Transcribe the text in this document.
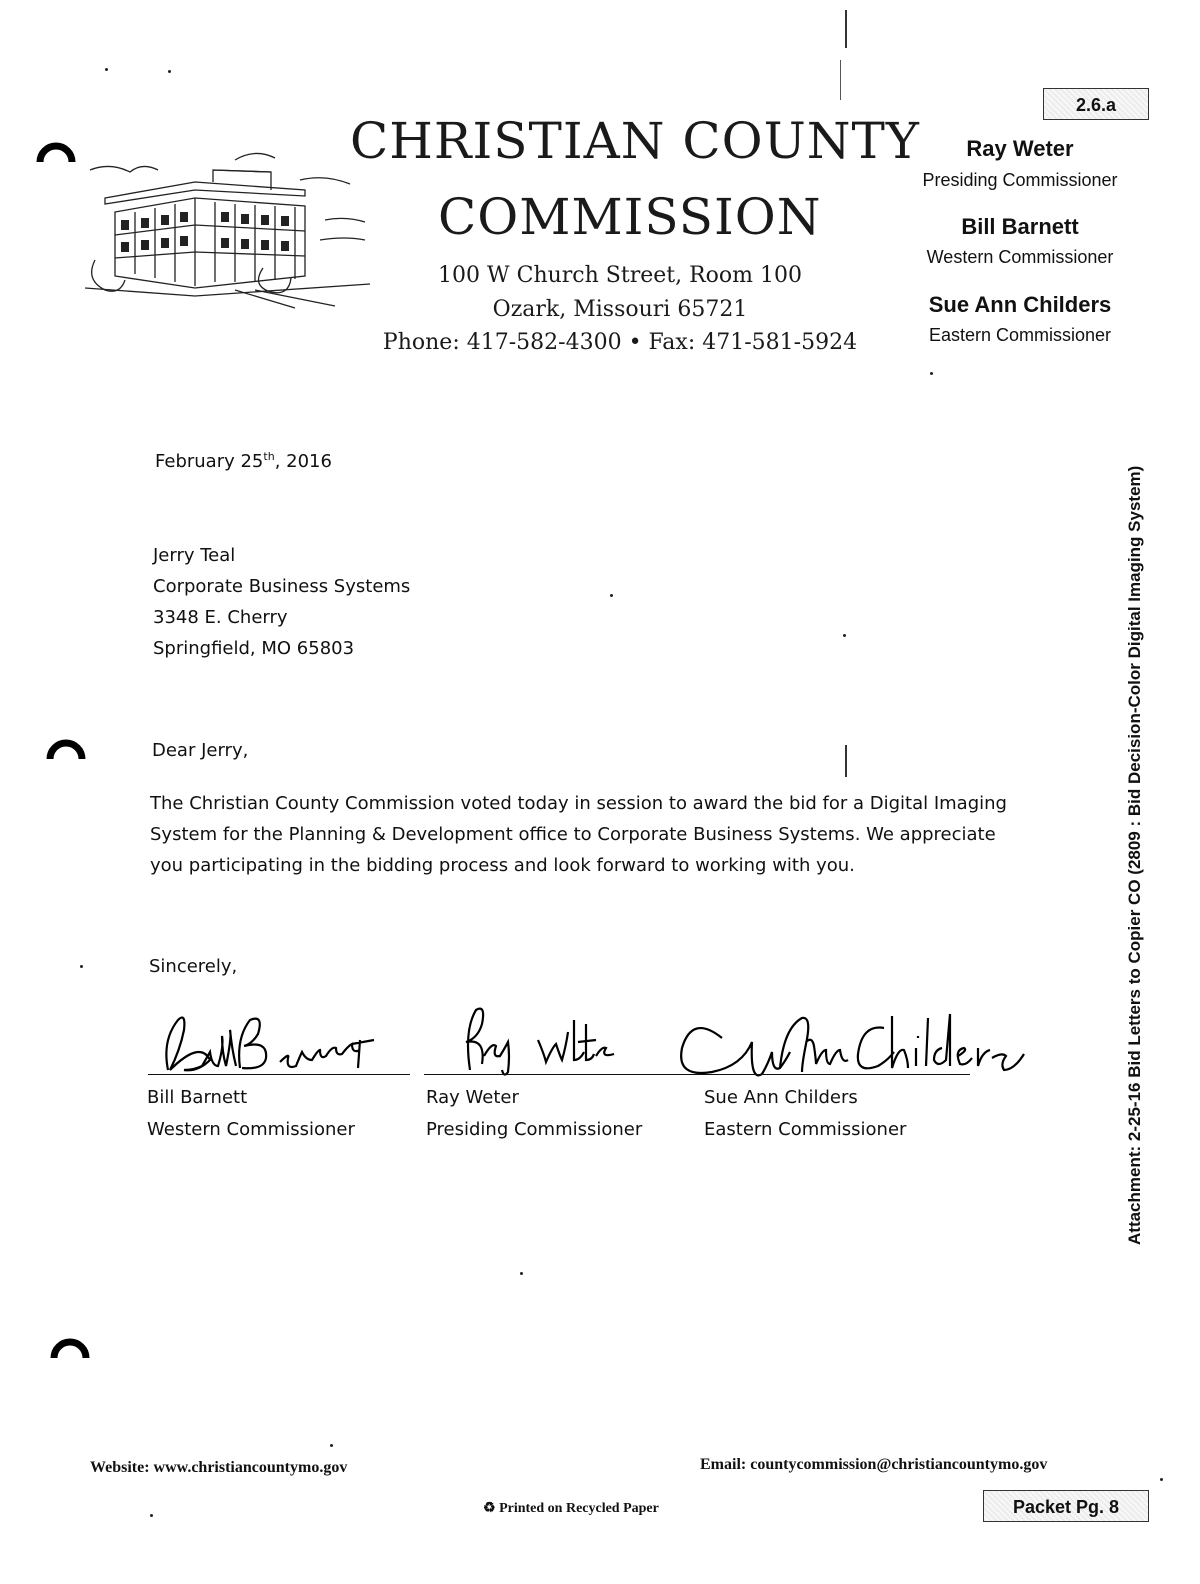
CHRISTIAN COUNTY
COMMISSION
100 W Church Street, Room 100
Ozark, Missouri 65721
Phone: 417-582-4300 • Fax: 471-581-5924
2.6.a
Ray Weter
Presiding Commissioner
Bill Barnett
Western Commissioner
Sue Ann Childers
Eastern Commissioner
Attachment: 2-25-16 Bid Letters to Copier CO (2809 : Bid Decision-Color Digital Imaging System)
February 25th, 2016
Jerry Teal
Corporate Business Systems
3348 E. Cherry
Springfield, MO 65803
Dear Jerry,
The Christian County Commission voted today in session to award the bid for a Digital Imaging System for the Planning & Development office to Corporate Business Systems. We appreciate you participating in the bidding process and look forward to working with you.
Sincerely,
Bill Barnett
Western Commissioner
Ray Weter
Presiding Commissioner
Sue Ann Childers
Eastern Commissioner
Website: www.christiancountymo.gov	Email: countycommission@christiancountymo.gov
♻ Printed on Recycled Paper	Packet Pg. 8
